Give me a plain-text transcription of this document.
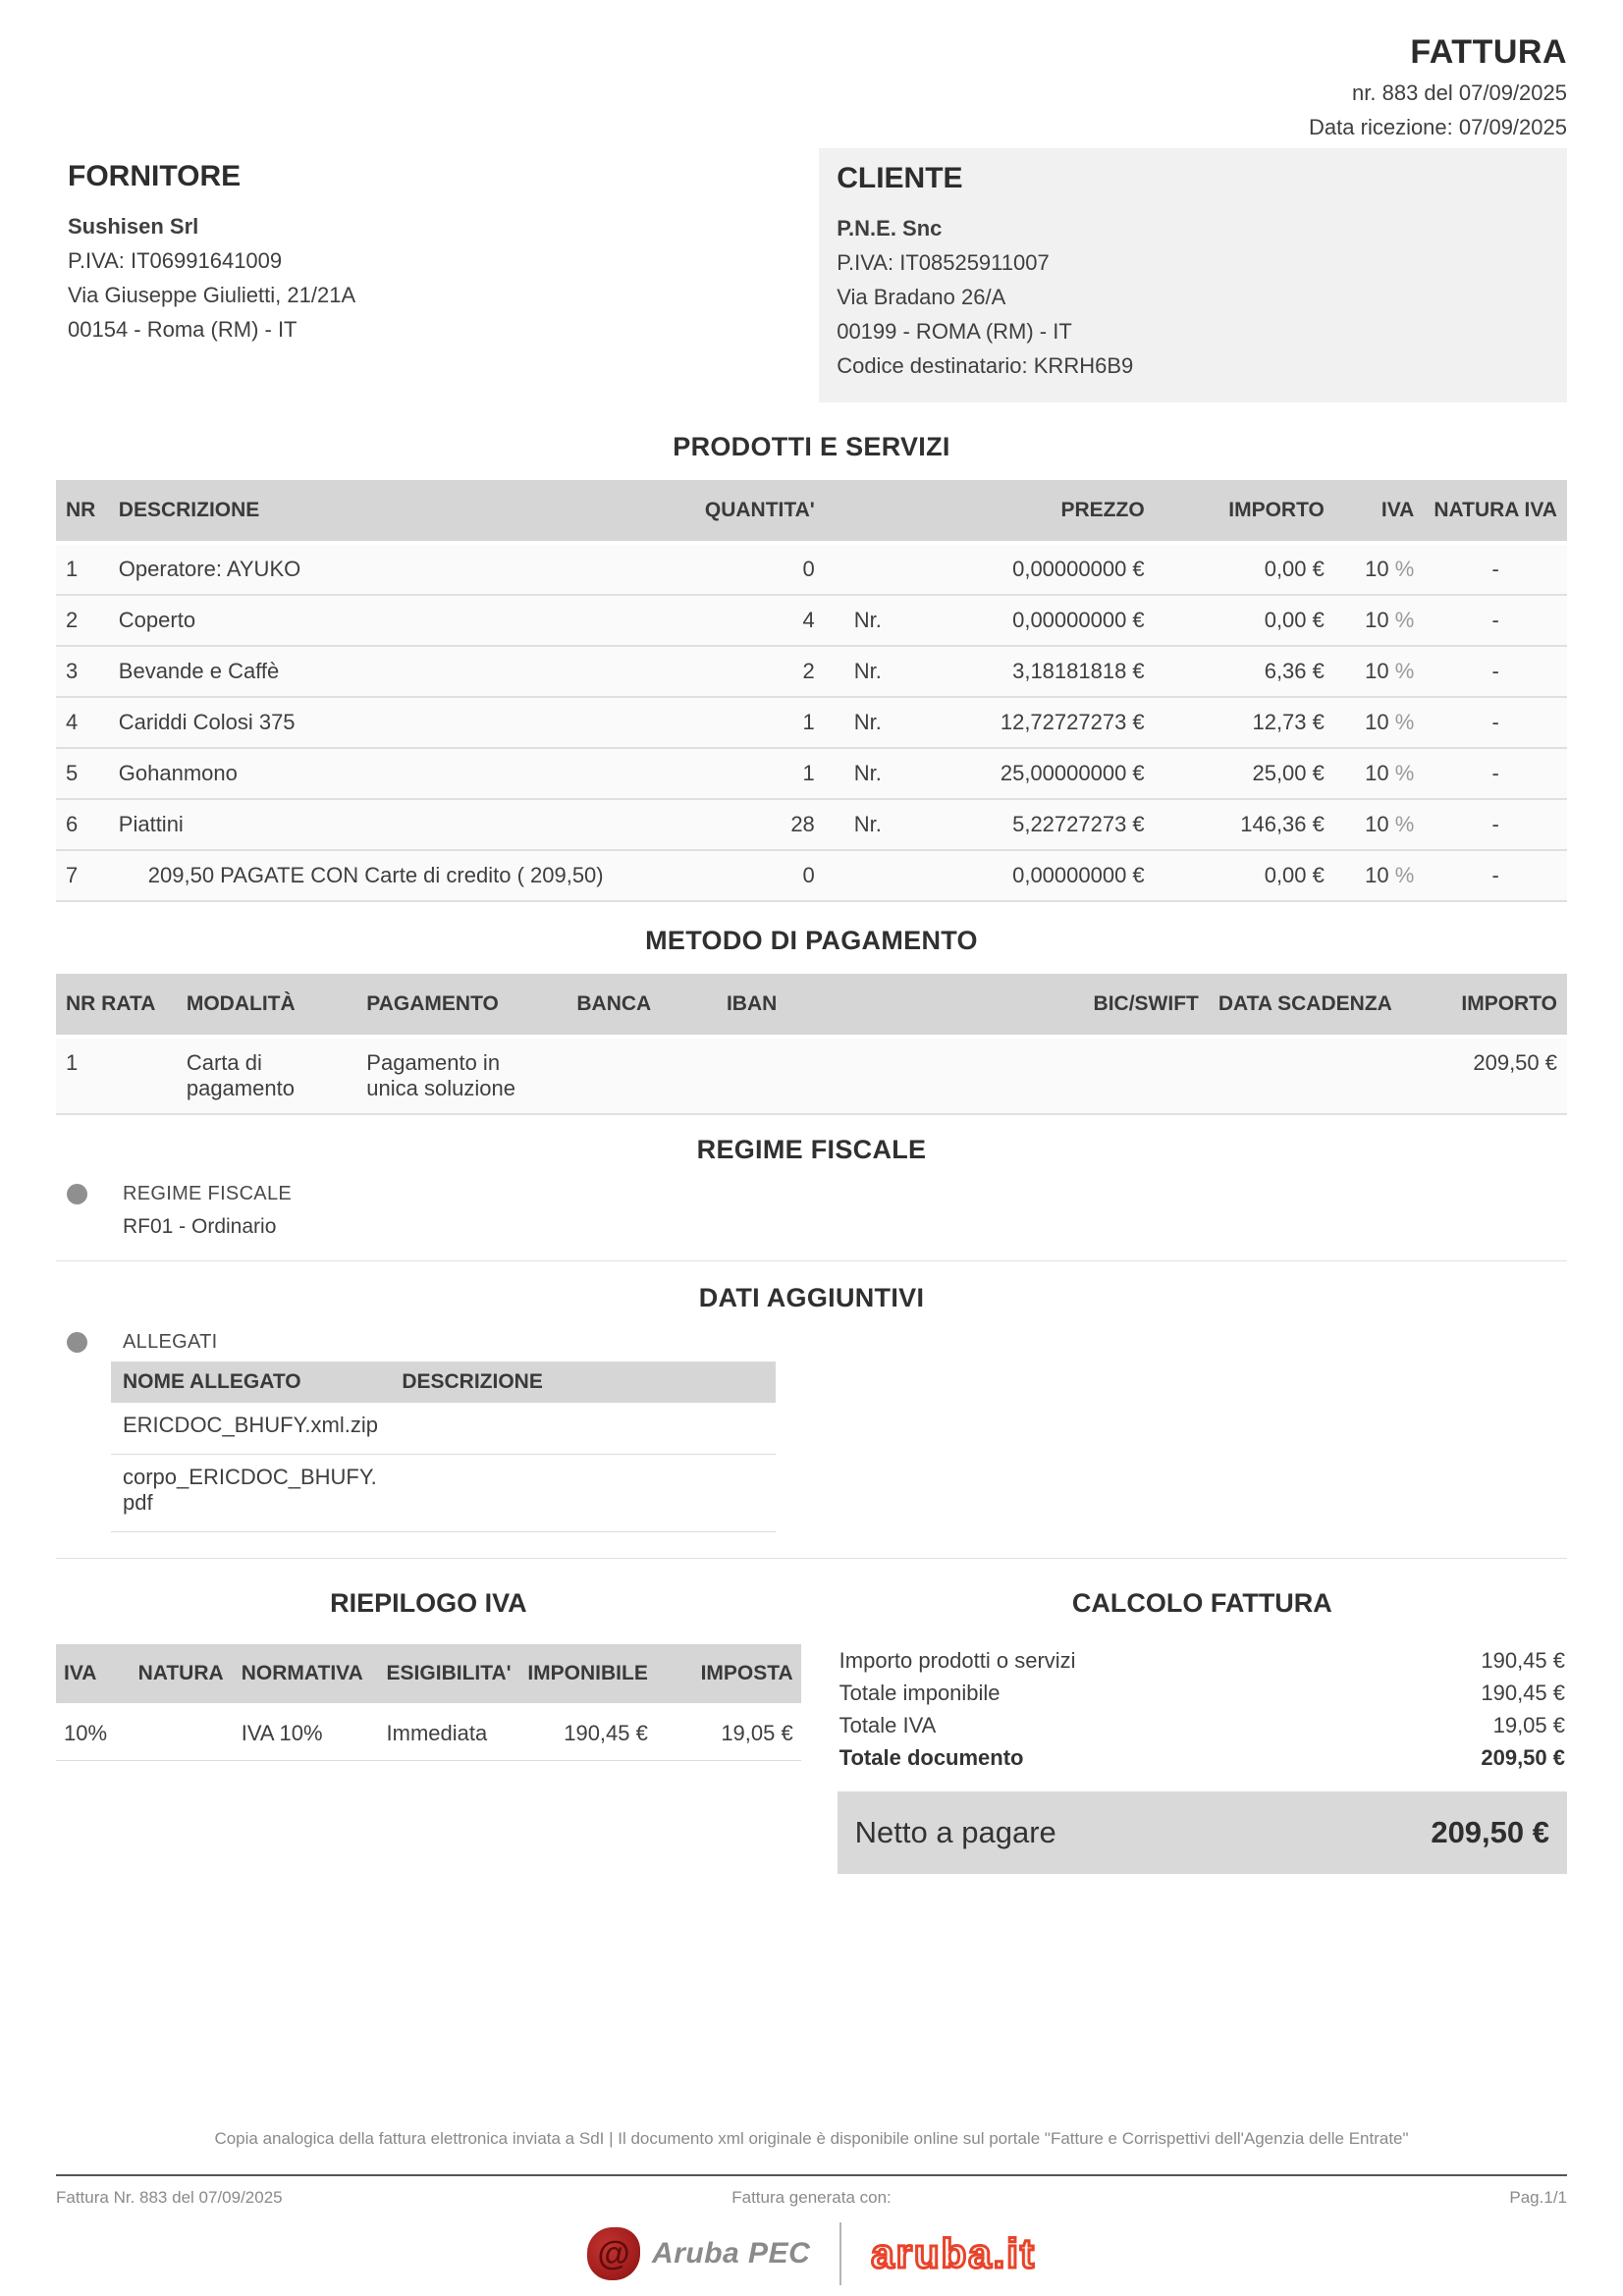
FATTURA
nr. 883 del 07/09/2025
Data ricezione: 07/09/2025
FORNITORE
Sushisen Srl
P.IVA: IT06991641009
Via Giuseppe Giulietti, 21/21A
00154 - Roma (RM) - IT
CLIENTE
P.N.E. Snc
P.IVA: IT08525911007
Via Bradano 26/A
00199 - ROMA (RM) - IT
Codice destinatario: KRRH6B9
PRODOTTI E SERVIZI
NR	DESCRIZIONE	QUANTITA'		PREZZO	IMPORTO	IVA	NATURA IVA
1	Operatore: AYUKO	0		0,00000000 €	0,00 €	10 %	-
2	Coperto	4	Nr.	0,00000000 €	0,00 €	10 %	-
3	Bevande e Caffè	2	Nr.	3,18181818 €	6,36 €	10 %	-
4	Cariddi Colosi 375	1	Nr.	12,72727273 €	12,73 €	10 %	-
5	Gohanmono	1	Nr.	25,00000000 €	25,00 €	10 %	-
6	Piattini	28	Nr.	5,22727273 €	146,36 €	10 %	-
7	209,50 PAGATE CON Carte di credito ( 209,50)	0		0,00000000 €	0,00 €	10 %	-
METODO DI PAGAMENTO
NR RATA	MODALITÀ	PAGAMENTO	BANCA	IBAN	BIC/SWIFT	DATA SCADENZA	IMPORTO
1	Carta di pagamento	Pagamento in unica soluzione					209,50 €
REGIME FISCALE
REGIME FISCALE
RF01 - Ordinario
DATI AGGIUNTIVI
ALLEGATI
NOME ALLEGATO	DESCRIZIONE
ERICDOC_BHUFY.xml.zip	
corpo_ERICDOC_BHUFY.pdf	
RIEPILOGO IVA
IVA	NATURA	NORMATIVA	ESIGIBILITA'	IMPONIBILE	IMPOSTA
10%		IVA 10%	Immediata	190,45 €	19,05 €
CALCOLO FATTURA
Importo prodotti o servizi	190,45 €
Totale imponibile	190,45 €
Totale IVA	19,05 €
Totale documento	209,50 €
Netto a pagare	209,50 €
Copia analogica della fattura elettronica inviata a SdI | Il documento xml originale è disponibile online sul portale "Fatture e Corrispettivi dell'Agenzia delle Entrate"
Fattura Nr. 883 del 07/09/2025	Fattura generata con:	Pag.1/1
@ Aruba PEC aruba.it
